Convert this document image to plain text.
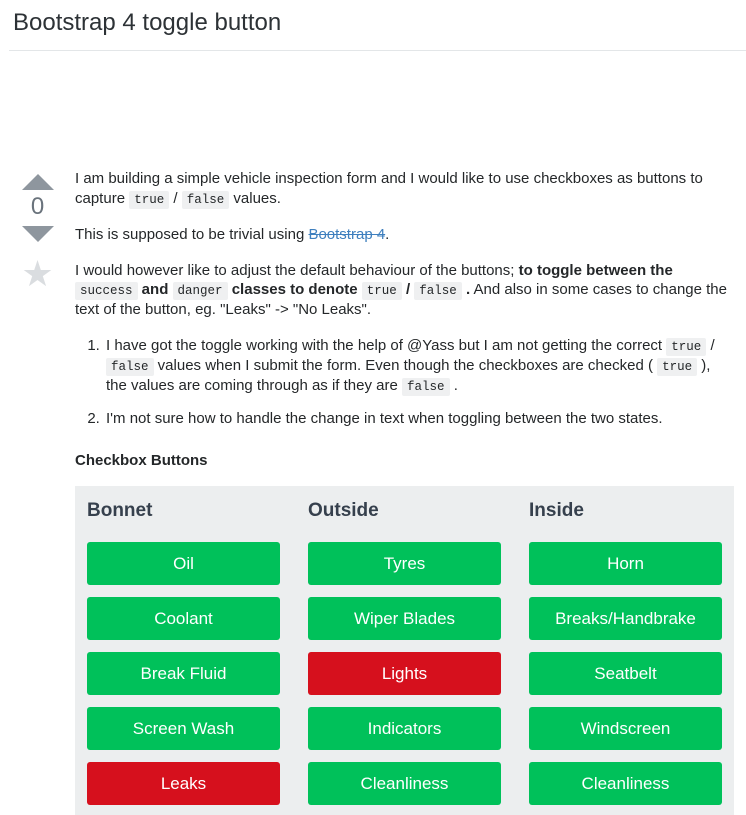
Bootstrap 4 toggle button
0
★

I am building a simple vehicle inspection form and I would like to use checkboxes as buttons to capture true / false values.

This is supposed to be trivial using Bootstrap 4.

I would however like to adjust the default behaviour of the buttons; to toggle between the success and danger classes to denote true / false . And also in some cases to change the text of the button, eg. "Leaks" -> "No Leaks".

1. I have got the toggle working with the help of @Yass but I am not getting the correct true / false values when I submit the form. Even though the checkboxes are checked ( true ), the values are coming through as if they are false .
2. I'm not sure how to handle the change in text when toggling between the two states.
Checkbox Buttons
Bonnet
Oil
Coolant
Break Fluid
Screen Wash
Leaks
Outside
Tyres
Wiper Blades
Lights
Indicators
Cleanliness
Inside
Horn
Breaks/Handbrake
Seatbelt
Windscreen
Cleanliness
